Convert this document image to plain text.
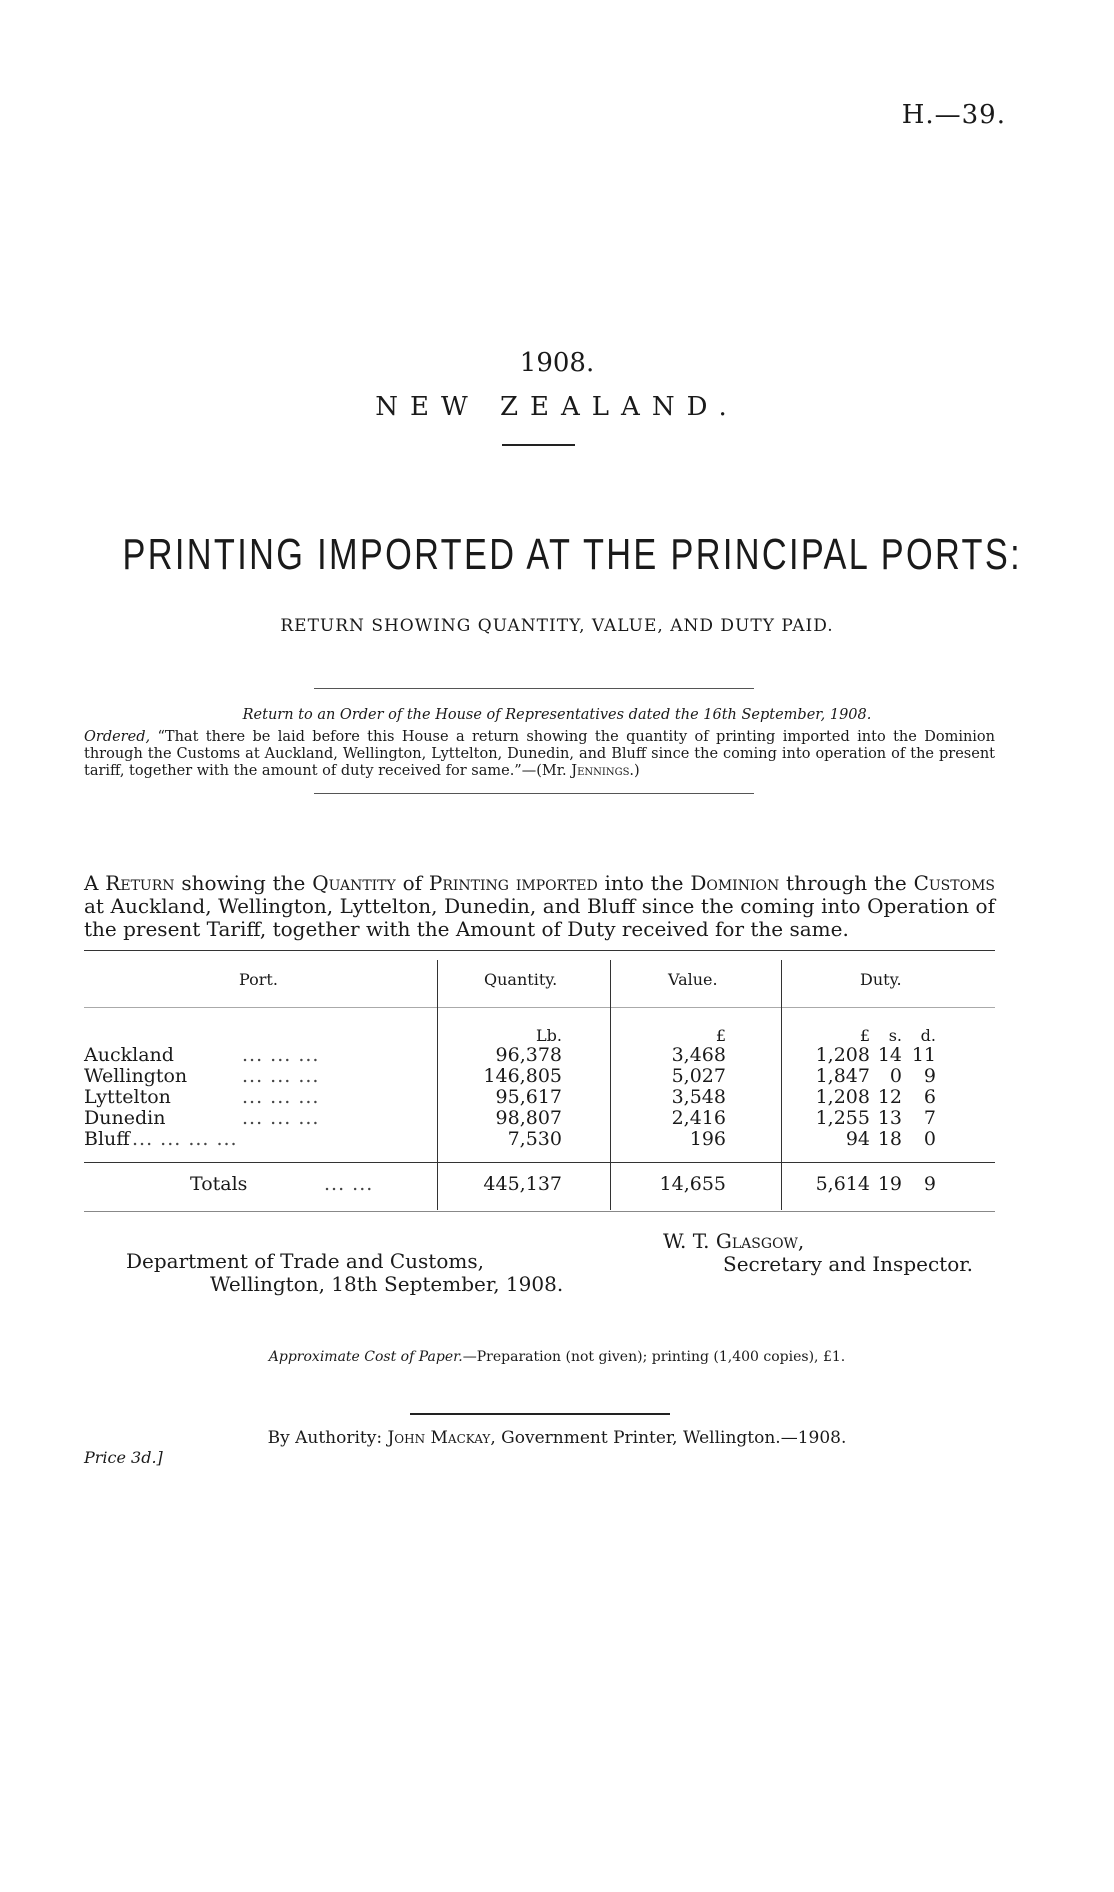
H.—39.
1908.
NEW ZEALAND.
PRINTING IMPORTED AT THE PRINCIPAL PORTS:
RETURN SHOWING QUANTITY, VALUE, AND DUTY PAID.
Return to an Order of the House of Representatives dated the 16th September, 1908.
Ordered, “That there be laid before this House a return showing the quantity of printing imported into the Dominion through the Customs at Auckland, Wellington, Lyttelton, Dunedin, and Bluff since the coming into operation of the present tariff, together with the amount of duty received for same.”—(Mr. Jennings.)
A Return showing the Quantity of Printing imported into the Dominion through the Customs at Auckland, Wellington, Lyttelton, Dunedin, and Bluff since the coming into Operation of the present Tariff, together with the Amount of Duty received for the same.
Port.	Quantity.	Value.	Duty.
Lb.	£	£	s.	d.
Auckland	... ... ...	96,378	3,468	1,208 14 11
Wellington	... ... ...	146,805	5,027	1,847	0	9
Lyttelton	... ... ...	95,617	3,548	1,208 12	6
Dunedin	... ... ...	98,807	2,416	1,255 13	7
Bluff ... ... ... ...	7,530	196	94 18	0
Totals	... ...	445,137	14,655	5,614 19	9
Department of Trade and Customs,
Wellington, 18th September, 1908.
W. T. Glasgow,
Secretary and Inspector.
Approximate Cost of Paper.—Preparation (not given); printing (1,400 copies), £1.
By Authority: John Mackay, Government Printer, Wellington.—1908.
Price 3d.]
